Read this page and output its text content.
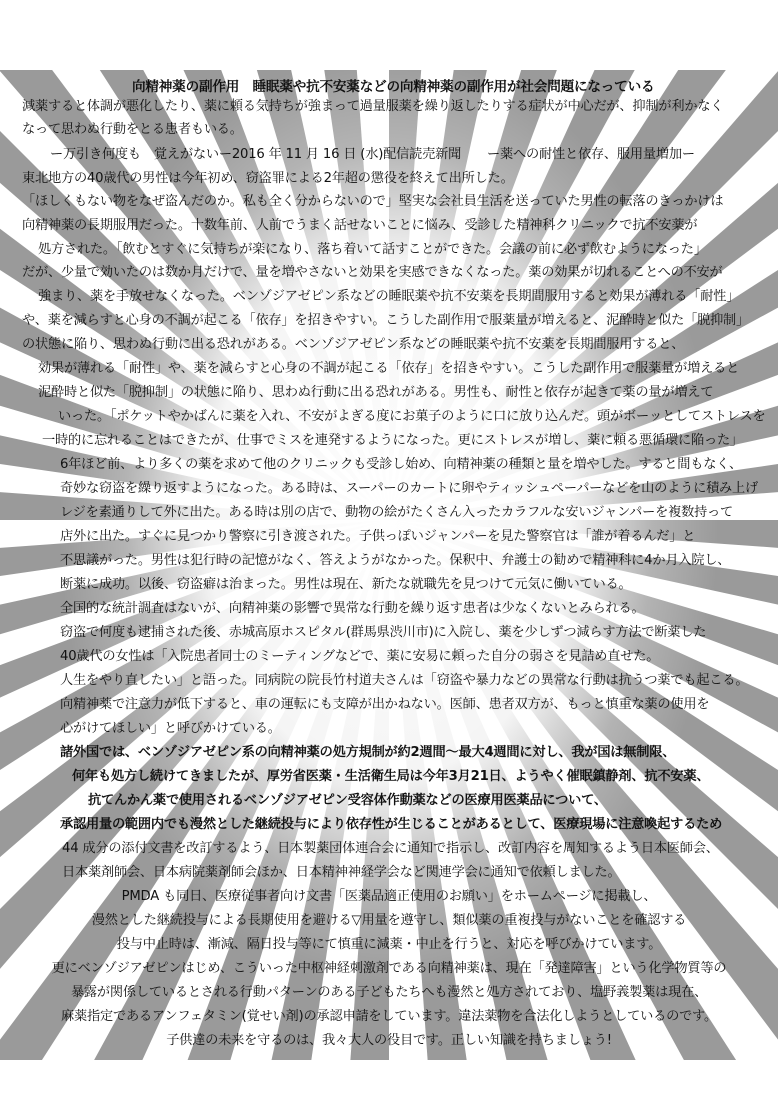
向精神薬の副作用　睡眠薬や抗不安薬などの向精神薬の副作用が社会問題になっている
減薬すると体調が悪化したり、薬に頼る気持ちが強まって過量服薬を繰り返したりする症状が中心だが、抑制が利かなく
なって思わぬ行動をとる患者もいる。
ー万引き何度も　覚えがないー2016 年 11 月 16 日 (水)配信読売新聞　　ー薬への耐性と依存、服用量増加ー
東北地方の40歳代の男性は今年初め、窃盗罪による2年超の懲役を終えて出所した。
「ほしくもない物をなぜ盗んだのか。私も全く分からないので」堅実な会社員生活を送っていた男性の転落のきっかけは
向精神薬の長期服用だった。十数年前、人前でうまく話せないことに悩み、受診した精神科クリニックで抗不安薬が
処方された。「飲むとすぐに気持ちが楽になり、落ち着いて話すことができた。会議の前に必ず飲むようになった」
だが、少量で効いたのは数か月だけで、量を増やさないと効果を実感できなくなった。薬の効果が切れることへの不安が
強まり、薬を手放せなくなった。ベンゾジアゼピン系などの睡眠薬や抗不安薬を長期間服用すると効果が薄れる「耐性」
や、薬を減らすと心身の不調が起こる「依存」を招きやすい。こうした副作用で服薬量が増えると、泥酔時と似た「脱抑制」
の状態に陥り、思わぬ行動に出る恐れがある。ベンゾジアゼピン系などの睡眠薬や抗不安薬を長期間服用すると、
効果が薄れる「耐性」や、薬を減らすと心身の不調が起こる「依存」を招きやすい。こうした副作用で服薬量が増えると
泥酔時と似た「脱抑制」の状態に陥り、思わぬ行動に出る恐れがある。男性も、耐性と依存が起きて薬の量が増えて
いった。「ポケットやかばんに薬を入れ、不安がよぎる度にお菓子のように口に放り込んだ。頭がボーッとしてストレスを
一時的に忘れることはできたが、仕事でミスを連発するようになった。更にストレスが増し、薬に頼る悪循環に陥った」
6年ほど前、より多くの薬を求めて他のクリニックも受診し始め、向精神薬の種類と量を増やした。すると間もなく、
奇妙な窃盗を繰り返すようになった。ある時は、スーパーのカートに卵やティッシュペーパーなどを山のように積み上げ
レジを素通りして外に出た。ある時は別の店で、動物の絵がたくさん入ったカラフルな安いジャンパーを複数持って
店外に出た。すぐに見つかり警察に引き渡された。子供っぽいジャンパーを見た警察官は「誰が着るんだ」と
不思議がった。男性は犯行時の記憶がなく、答えようがなかった。保釈中、弁護士の勧めで精神科に4か月入院し、
断薬に成功。以後、窃盗癖は治まった。男性は現在、新たな就職先を見つけて元気に働いている。
全国的な統計調査はないが、向精神薬の影響で異常な行動を繰り返す患者は少なくないとみられる。
窃盗で何度も逮捕された後、赤城高原ホスピタル(群馬県渋川市)に入院し、薬を少しずつ減らす方法で断薬した
40歳代の女性は「入院患者同士のミーティングなどで、薬に安易に頼った自分の弱さを見詰め直せた。
人生をやり直したい」と語った。同病院の院長竹村道夫さんは「窃盗や暴力などの異常な行動は抗うつ薬でも起こる。
向精神薬で注意力が低下すると、車の運転にも支障が出かねない。医師、患者双方が、もっと慎重な薬の使用を
心がけてほしい」と呼びかけている。
諸外国では、ベンゾジアゼピン系の向精神薬の処方規制が約2週間～最大4週間に対し、我が国は無制限、
何年も処方し続けてきましたが、厚労省医薬・生活衛生局は今年3月21日、ようやく催眠鎮静剤、抗不安薬、
抗てんかん薬で使用されるベンゾジアゼピン受容体作動薬などの医療用医薬品について、
承認用量の範囲内でも漫然とした継続投与により依存性が生じることがあるとして、医療現場に注意喚起するため
44 成分の添付文書を改訂するよう、日本製薬団体連合会に通知で指示し、改訂内容を周知するよう日本医師会、
日本薬剤師会、日本病院薬剤師会ほか、日本精神神経学会など関連学会に通知で依頼しました。
PMDA も同日、医療従事者向け文書「医薬品適正使用のお願い」をホームページに掲載し、
漫然とした継続投与による長期使用を避ける▽用量を遵守し、類似薬の重複投与がないことを確認する
投与中止時は、漸減、隔日投与等にて慎重に減薬・中止を行うと、対応を呼びかけています。
更にベンゾジアゼピンはじめ、こういった中枢神経刺激剤である向精神薬は、現在「発達障害」という化学物質等の
暴露が関係しているとされる行動パターンのある子どもたちへも漫然と処方されており、塩野義製薬は現在、
麻薬指定であるアンフェタミン(覚せい剤)の承認申請をしています。違法薬物を合法化しようとしているのです。
子供達の未来を守るのは、我々大人の役目です。正しい知識を持ちましょう!
